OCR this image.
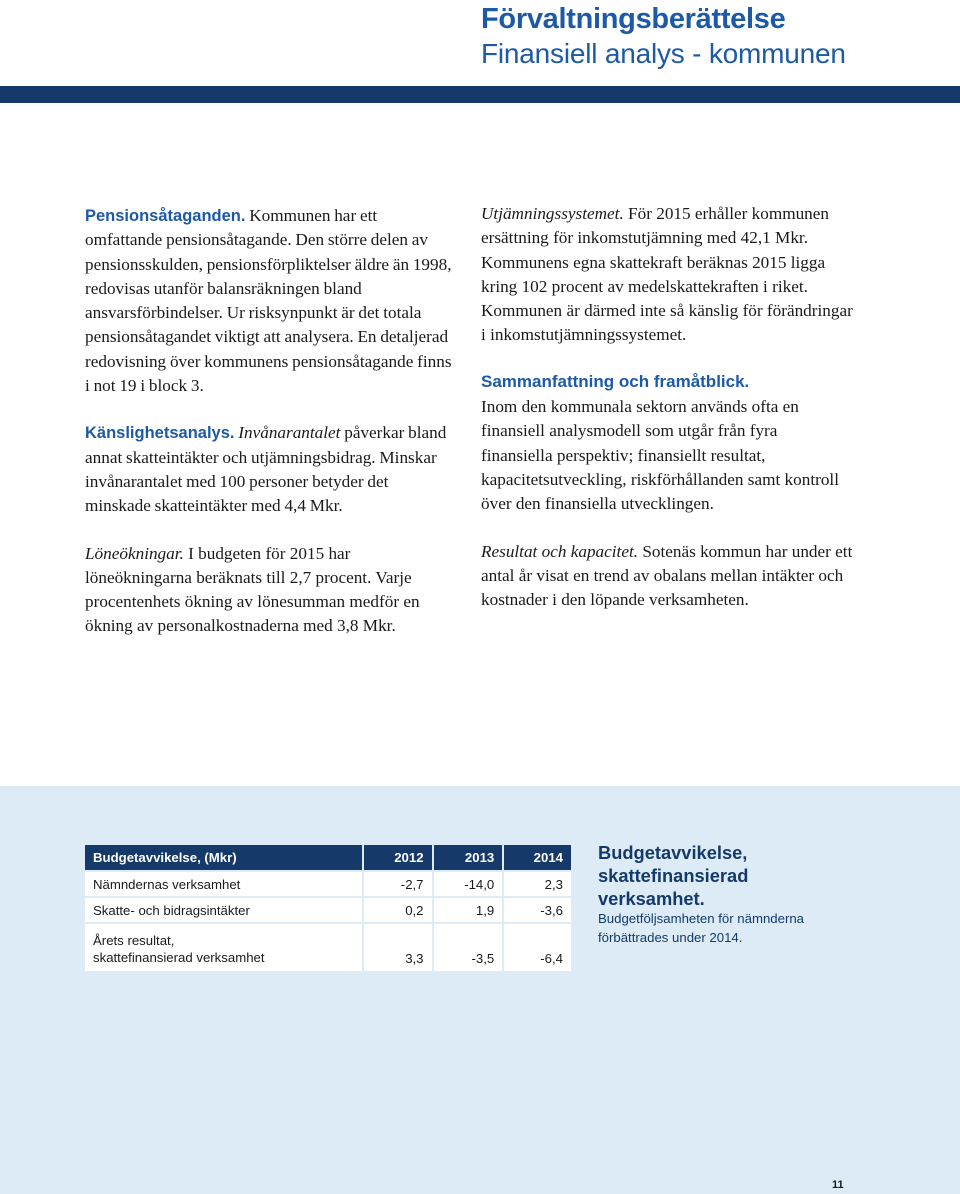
Förvaltningsberättelse
Finansiell analys - kommunen

Pensionsåtaganden. Kommunen har ett omfattande pensionsåtagande. Den större delen av pensionsskulden, pensionsförpliktelser äldre än 1998, redovisas utanför balansräkningen bland ansvarsförbindelser. Ur risksynpunkt är det totala pensionsåtagandet viktigt att analysera. En detaljerad redovisning över kommunens pensionsåtagande finns i not 19 i block 3.

Känslighetsanalys. Invånarantalet påverkar bland annat skatteintäkter och utjämningsbidrag. Minskar invånarantalet med 100 personer betyder det minskade skatteintäkter med 4,4 Mkr.

Löneökningar. I budgeten för 2015 har löneökningarna beräknats till 2,7 procent. Varje procentenhets ökning av lönesumman medför en ökning av personalkostnaderna med 3,8 Mkr.

Utjämningssystemet. För 2015 erhåller kommunen ersättning för inkomstutjämning med 42,1 Mkr. Kommunens egna skattekraft beräknas 2015 ligga kring 102 procent av medelskattekraften i riket. Kommunen är därmed inte så känslig för förändringar i inkomstutjämningssystemet.

Sammanfattning och framåtblick.
Inom den kommunala sektorn används ofta en finansiell analysmodell som utgår från fyra finansiella perspektiv; finansiellt resultat, kapacitetsutveckling, riskförhållanden samt kontroll över den finansiella utvecklingen.

Resultat och kapacitet. Sotenäs kommun har under ett antal år visat en trend av obalans mellan intäkter och kostnader i den löpande verksamheten.

Budgetavvikelse, (Mkr)	2012	2013	2014
Nämndernas verksamhet	-2,7	-14,0	2,3
Skatte- och bidragsintäkter	0,2	1,9	-3,6

Årets resultat,
skattefinansierad verksamhet	3,3	-3,5	-6,4
Budgetavvikelse, skattefinansierad verksamhet.
Budgetföljsamheten för nämnderna förbättrades under 2014.
11
